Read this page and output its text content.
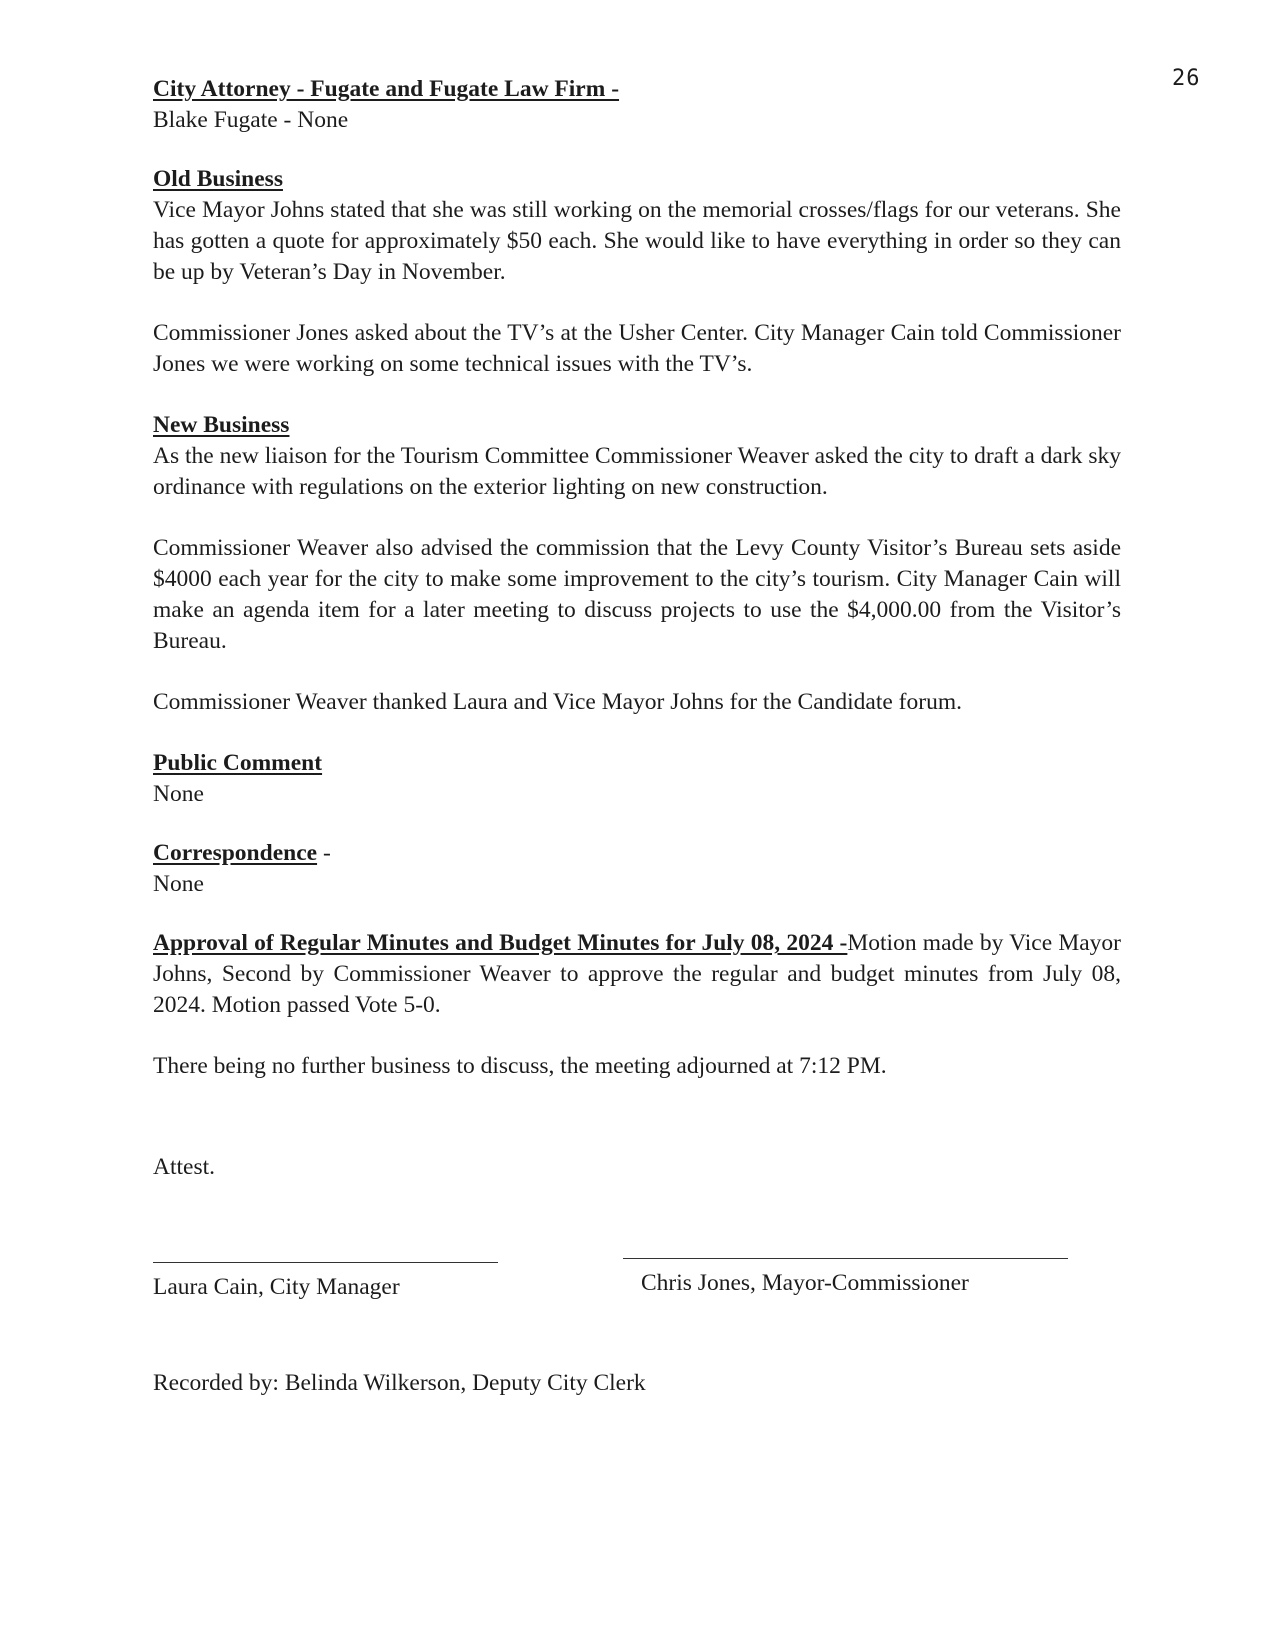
26
City Attorney - Fugate and Fugate Law Firm -
Blake Fugate - None
Old Business

Vice Mayor Johns stated that she was still working on the memorial crosses/flags for our veterans. She has gotten a quote for approximately $50 each. She would like to have everything in order so they can be up by Veteran’s Day in November.

Commissioner Jones asked about the TV’s at the Usher Center. City Manager Cain told Commissioner Jones we were working on some technical issues with the TV’s.

New Business

As the new liaison for the Tourism Committee Commissioner Weaver asked the city to draft a dark sky ordinance with regulations on the exterior lighting on new construction.

Commissioner Weaver also advised the commission that the Levy County Visitor’s Bureau sets aside $4000 each year for the city to make some improvement to the city’s tourism. City Manager Cain will make an agenda item for a later meeting to discuss projects to use the $4,000.00 from the Visitor’s Bureau.

Commissioner Weaver thanked Laura and Vice Mayor Johns for the Candidate forum.

Public Comment
None
Correspondence -
None

Approval of Regular Minutes and Budget Minutes for July 08, 2024 -Motion made by Vice Mayor Johns, Second by Commissioner Weaver to approve the regular and budget minutes from July 08, 2024. Motion passed Vote 5-0.

There being no further business to discuss, the meeting adjourned at 7:12 PM.

Attest.
Laura Cain, City Manager	Chris Jones, Mayor-Commissioner
Recorded by: Belinda Wilkerson, Deputy City Clerk
